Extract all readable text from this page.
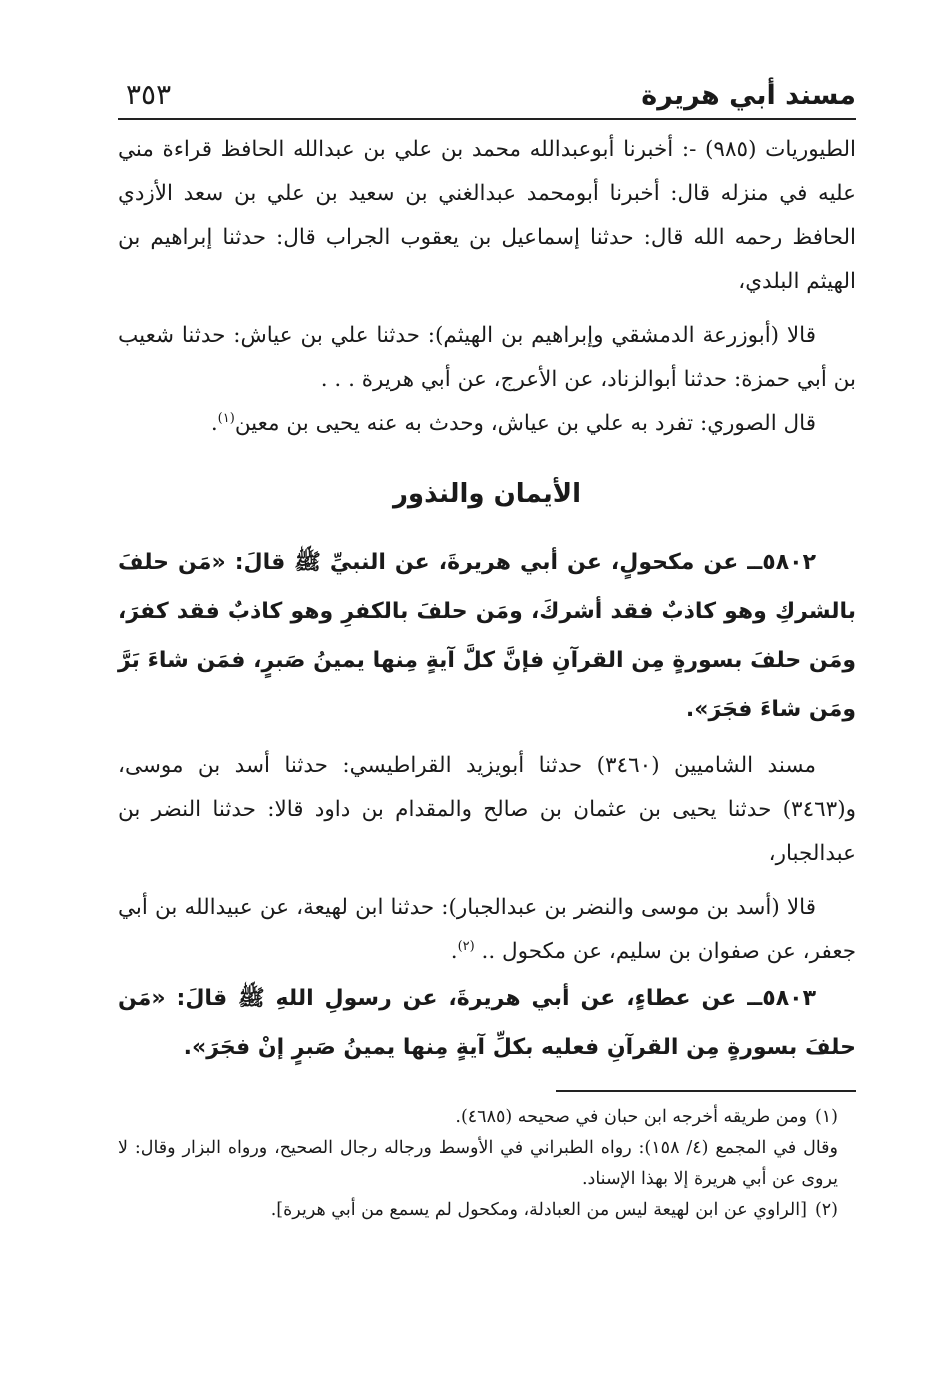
مسند أبي هريرة
٣٥٣

الطيوريات (٩٨٥) -: أخبرنا أبوعبدالله محمد بن علي بن عبدالله الحافظ قراءة مني عليه في منزله قال: أخبرنا أبومحمد عبدالغني بن سعيد بن علي بن سعد الأزدي الحافظ رحمه الله قال: حدثنا إسماعيل بن يعقوب الجراب قال: حدثنا إبراهيم بن الهيثم البلدي،

قالا (أبوزرعة الدمشقي وإبراهيم بن الهيثم): حدثنا علي بن عياش: حدثنا شعيب بن أبي حمزة: حدثنا أبوالزناد، عن الأعرج، عن أبي هريرة . . .

قال الصوري: تفرد به علي بن عياش، وحدث به عنه يحيى بن معين$^{(١)}$.

الأيمان والنذور

٥٨٠٢ــ عن مكحولٍ، عن أبي هريرةَ، عن النبيِّ ﷺ قالَ: «مَن حلفَ بالشركِ وهو كاذبٌ فقد أشركَ، ومَن حلفَ بالكفرِ وهو كاذبٌ فقد كفرَ، ومَن حلفَ بسورةٍ مِن القرآنِ فإنَّ كلَّ آيةٍ مِنها يمينُ صَبرٍ، فمَن شاءَ بَرَّ ومَن شاءَ فجَرَ».

مسند الشاميين (٣٤٦٠) حدثنا أبويزيد القراطيسي: حدثنا أسد بن موسى، و(٣٤٦٣) حدثنا يحيى بن عثمان بن صالح والمقدام بن داود قالا: حدثنا النضر بن عبدالجبار،

قالا (أسد بن موسى والنضر بن عبدالجبار): حدثنا ابن لهيعة، عن عبيدالله بن أبي جعفر، عن صفوان بن سليم، عن مكحول .. $^{(٢)}$.

٥٨٠٣ــ عن عطاءٍ، عن أبي هريرةَ، عن رسولِ اللهِ ﷺ قالَ: «مَن حلفَ بسورةٍ مِن القرآنِ فعليه بكلِّ آيةٍ مِنها يمينُ صَبرٍ إنْ فجَرَ».

(١)ومن طريقه أخرجه ابن حبان في صحيحه (٤٦٨٥).

وقال في المجمع (٤/ ١٥٨): رواه الطبراني في الأوسط ورجاله رجال الصحيح، ورواه البزار وقال: لا يروى عن أبي هريرة إلا بهذا الإسناد.

(٢)[الراوي عن ابن لهيعة ليس من العبادلة، ومكحول لم يسمع من أبي هريرة].
